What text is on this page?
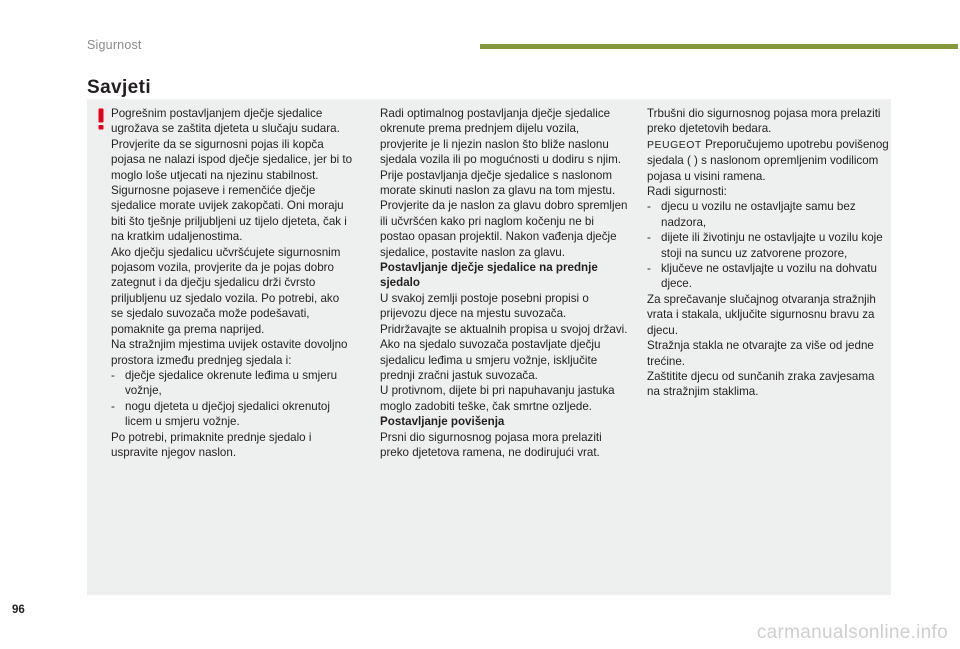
Sigurnost
Savjeti

Pogrešnim postavljanjem dječje sjedalice ugrožava se zaštita djeteta u slučaju sudara.

Provjerite da se sigurnosni pojas ili kopča pojasa ne nalazi ispod dječje sjedalice, jer bi to moglo loše utjecati na njezinu stabilnost.

Sigurnosne pojaseve i remenčiće dječje sjedalice morate uvijek zakopčati. Oni moraju biti što tješnje priljubljeni uz tijelo djeteta, čak i na kratkim udaljenostima.

Ako dječju sjedalicu učvršćujete sigurnosnim pojasom vozila, provjerite da je pojas dobro zategnut i da dječju sjedalicu drži čvrsto priljubljenu uz sjedalo vozila. Po potrebi, ako se sjedalo suvozača može podešavati, pomaknite ga prema naprijed.

Na stražnjim mjestima uvijek ostavite dovoljno prostora između prednjeg sjedala i:

- dječje sjedalice okrenute leđima u smjeru vožnje,

- nogu djeteta u dječjoj sjedalici okrenutoj licem u smjeru vožnje.

Po potrebi, primaknite prednje sjedalo i uspravite njegov naslon.

Radi optimalnog postavljanja dječje sjedalice okrenute prema prednjem dijelu vozila, provjerite je li njezin naslon što bliže naslonu sjedala vozila ili po mogućnosti u dodiru s njim.

Prije postavljanja dječje sjedalice s naslonom morate skinuti naslon za glavu na tom mjestu.

Provjerite da je naslon za glavu dobro spremljen ili učvršćen kako pri naglom kočenju ne bi postao opasan projektil. Nakon vađenja dječje sjedalice, postavite naslon za glavu.

Postavljanje dječje sjedalice na prednje sjedalo

U svakoj zemlji postoje posebni propisi o prijevozu djece na mjestu suvozača. Pridržavajte se aktualnih propisa u svojoj državi.

Ako na sjedalo suvozača postavljate dječju sjedalicu leđima u smjeru vožnje, isključite prednji zračni jastuk suvozača.

U protivnom, dijete bi pri napuhavanju jastuka moglo zadobiti teške, čak smrtne ozljede.

Postavljanje povišenja

Prsni dio sigurnosnog pojasa mora prelaziti preko djetetova ramena, ne dodirujući vrat.

Trbušni dio sigurnosnog pojasa mora prelaziti preko djetetovih bedara.

PEUGEOT Preporučujemo upotrebu povišenog sjedala ( ) s naslonom opremljenim vodilicom pojasa u visini ramena.

Radi sigurnosti:

- djecu u vozilu ne ostavljajte samu bez nadzora,

- dijete ili životinju ne ostavljajte u vozilu koje stoji na suncu uz zatvorene prozore,

- ključeve ne ostavljajte u vozilu na dohvatu djece.

Za sprečavanje slučajnog otvaranja stražnjih vrata i stakala, uključite sigurnosnu bravu za djecu.

Stražnja stakla ne otvarajte za više od jedne trećine.

Zaštitite djecu od sunčanih zraka zavjesama na stražnjim staklima.

96
carmanualsonline.info
